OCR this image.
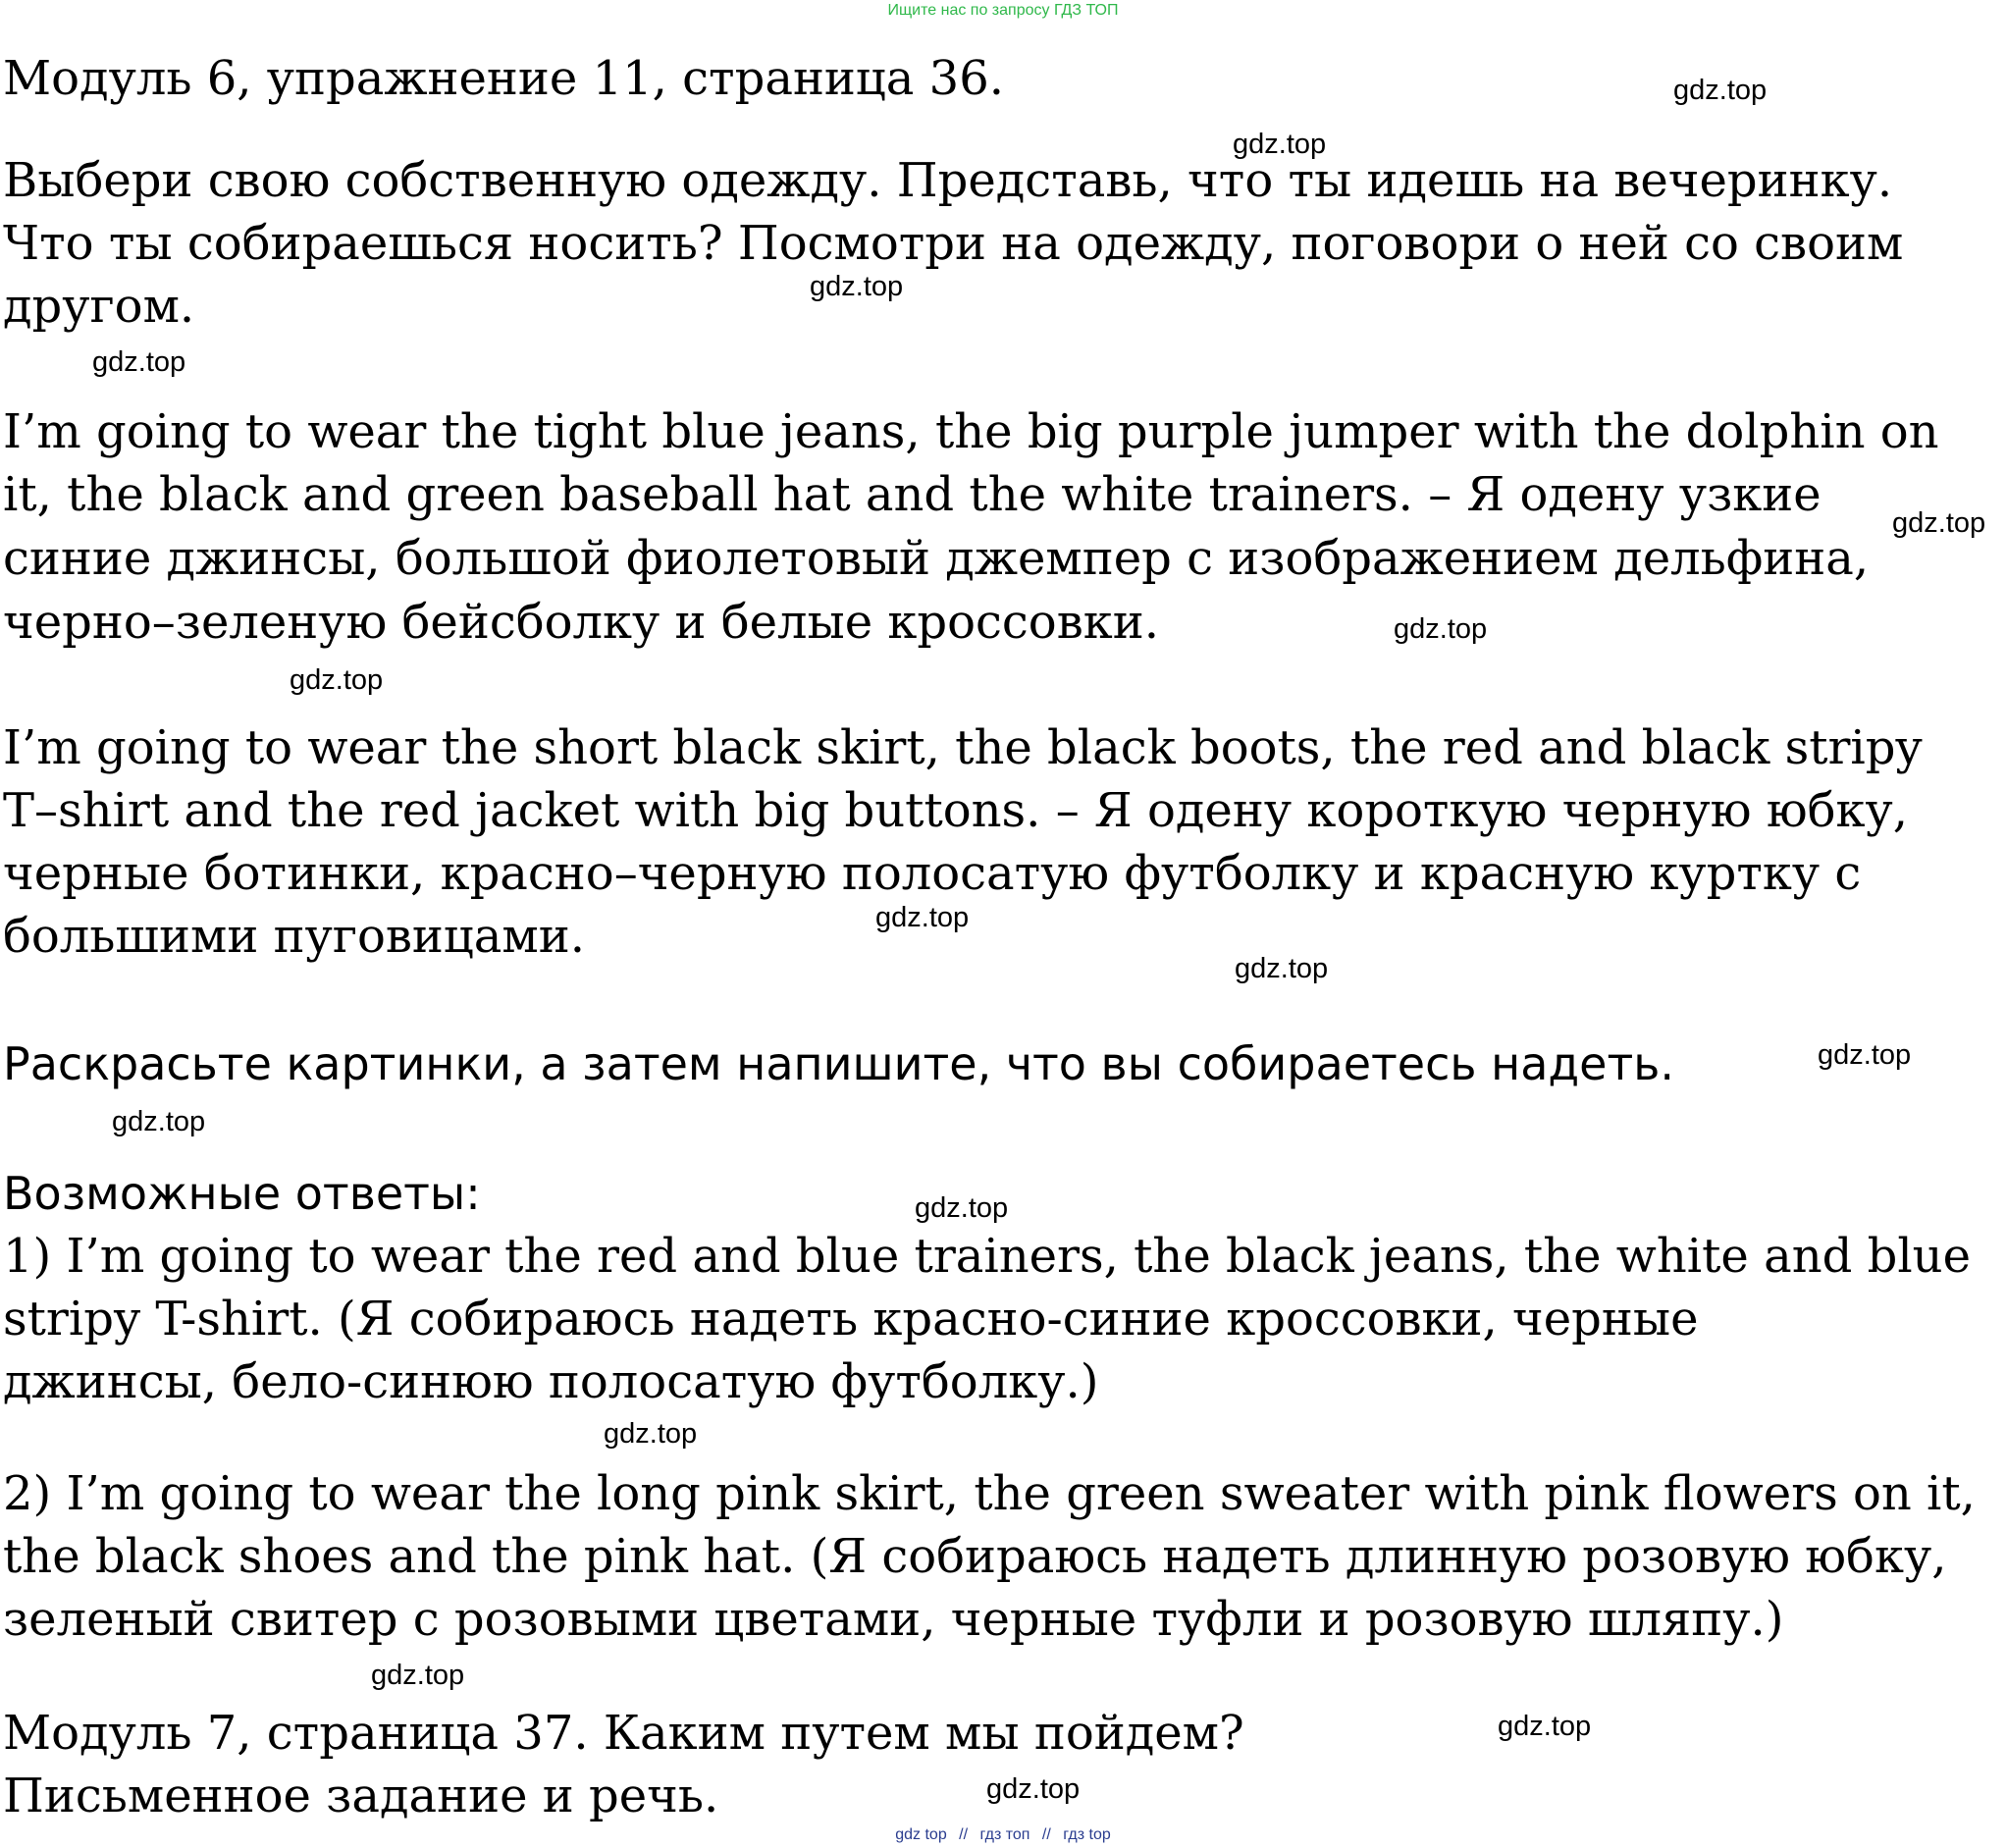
Ищите нас по запросу ГДЗ ТОП
Модуль 6, упражнение 11, страница 36.
Выбери свою собственную одежду. Представь, что ты идешь на вечеринку.
Что ты собираешься носить? Посмотри на одежду, поговори о ней со своим
другом.
I’m going to wear the tight blue jeans, the big purple jumper with the dolphin on
it, the black and green baseball hat and the white trainers. – Я одену узкие
синие джинсы, большой фиолетовый джемпер с изображением дельфина,
черно–зеленую бейсболку и белые кроссовки.
I’m going to wear the short black skirt, the black boots, the red and black stripy
T–shirt and the red jacket with big buttons. – Я одену короткую черную юбку,
черные ботинки, красно–черную полосатую футболку и красную куртку с
большими пуговицами.
Раскрасьте картинки, а затем напишите, что вы собираетесь надеть.
Возможные ответы:
1) I’m going to wear the red and blue trainers, the black jeans, the white and blue
stripy T-shirt. (Я собираюсь надеть красно-синие кроссовки, черные
джинсы, бело-синюю полосатую футболку.)
2) I’m going to wear the long pink skirt, the green sweater with pink flowers on it,
the black shoes and the pink hat. (Я собираюсь надеть длинную розовую юбку,
зеленый свитер с розовыми цветами, черные туфли и розовую шляпу.)
Модуль 7, страница 37. Каким путем мы пойдем?
Письменное задание и речь.
gdz.top
gdz.top
gdz.top
gdz.top
gdz.top
gdz.top
gdz.top
gdz.top
gdz.top
gdz.top
gdz.top
gdz.top
gdz.top
gdz.top
gdz.top
gdz.top
gdz top // гдз топ // гдз top
